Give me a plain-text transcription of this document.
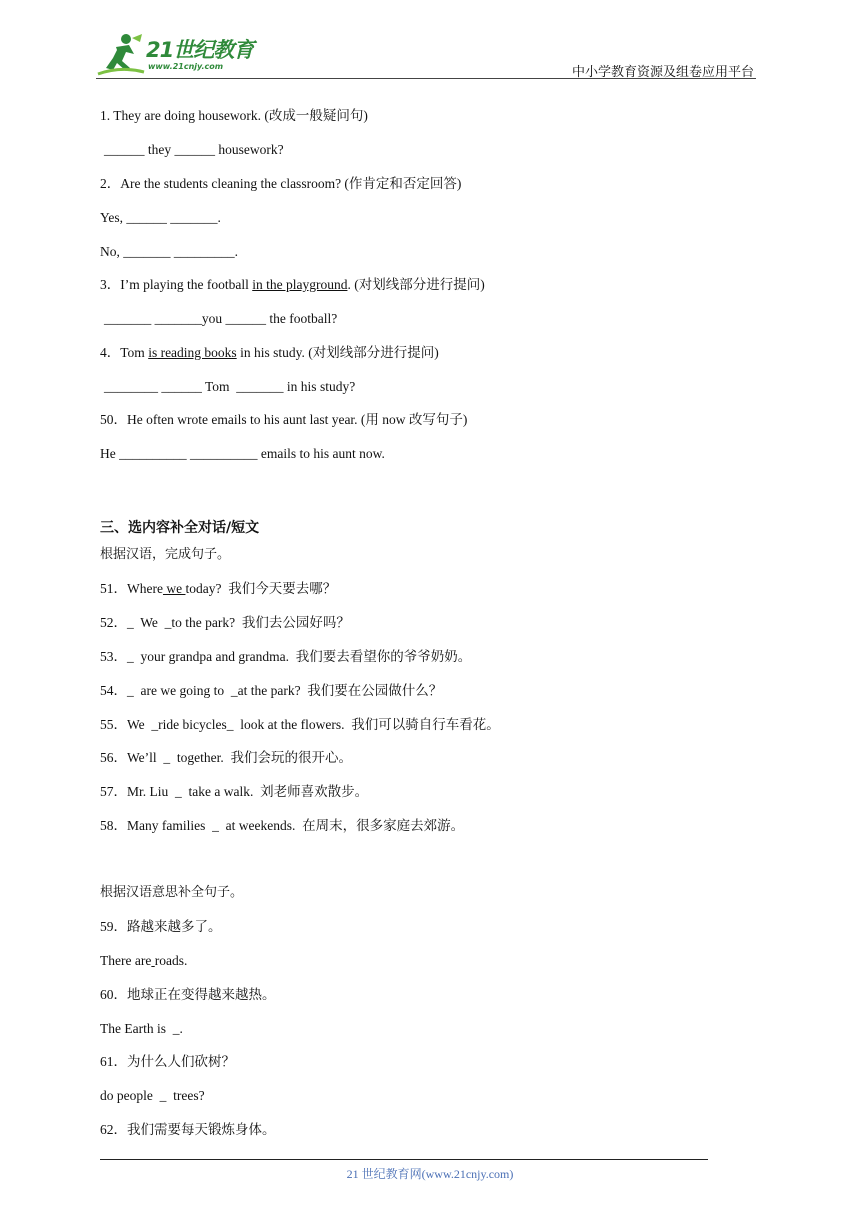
21世纪教育
www.21cnjy.com	中小学教育资源及组卷应用平台
1. They are doing housework. (改成一般疑问句)
______ they ______ housework?
2．Are the students cleaning the classroom? (作肯定和否定回答)
Yes, ______ _______.
No, _______ _________.
3．I’m playing the football in the playground. (对划线部分进行提问)
_______ _______you ______ the football?
4．Tom is reading books in his study. (对划线部分进行提问)
________ ______ Tom  _______ in his study?
50．He often wrote emails to his aunt last year. (用 now 改写句子)
He __________ __________ emails to his aunt now.
三、选内容补全对话/短文
根据汉语，完成句子。
51．Where we today?  我们今天要去哪？
52．_  We  _to the park?  我们去公园好吗？
53．_  your grandpa and grandma.  我们要去看望你的爷爷奶奶。
54．_  are we going to  _at the park?  我们要在公园做什么？
55．We  _ride bicycles_  look at the flowers.  我们可以骑自行车看花。
56．We’ll  _  together.  我们会玩的很开心。
57．Mr. Liu  _  take a walk.  刘老师喜欢散步。
58．Many families  _  at weekends.  在周末，很多家庭去郊游。
根据汉语意思补全句子。
59．路越来越多了。
There are roads.
60．地球正在变得越来越热。
The Earth is  _.
61．为什么人们砍树？
do people  _  trees?
62．我们需要每天锻炼身体。
21 世纪教育网(www.21cnjy.com)
